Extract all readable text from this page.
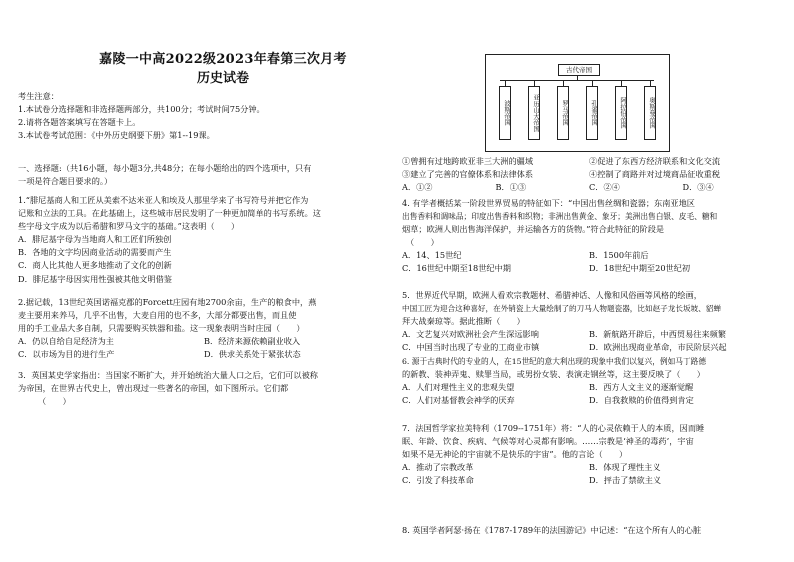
嘉陵一中高2022级2023年春第三次月考
历史试卷

考生注意：

1.本试卷分选择题和非选择题两部分，共100分；考试时间75分钟。

2.请将各题答案填写在答题卡上。

3.本试卷考试范围：《中外历史纲要下册》第1--19课。

一、选择题:（共16小题，每小题3分,共48分；在每小题给出的四个选项中，只有

一项是符合题目要求的。）

1.“腓尼基商人和工匠从美索不达米亚人和埃及人那里学来了书写符号并把它作为

记账和立法的工具。在此基础上，这些城市居民发明了一种更加简单的书写系统。这

些字母文字成为以后希腊和罗马文字的基础。”这表明（　　）

A．腓尼基字母为当地商人和工匠们所独创

B．各地的文字均因商业活动的需要而产生

C．商人比其他人更多地推动了文化的创新

D．腓尼基字母因实用性强被其他文明借鉴

2.据记载，13世纪英国诺福克郡的Forcett庄园有地2700余亩，生产的粮食中，燕

麦主要用来养马，几乎不出售，大麦自用的也不多，大部分都要出售，而且使

用的手工业品大多自制，只需要购买铁器和盐。这一现象表明当时庄园（　　）

A．仍以自给自足经济为主	B．经济来源依赖副业收入
C．以市场为目的进行生产	D．供求关系处于紧张状态

3．英国某史学家指出：当国家不断扩大，并开始统治大量人口之后，它们可以被称

为帝国，在世界古代史上，曾出现过一些著名的帝国，如下图所示。它们都

（　　）

古代帝国
波斯帝国	亚历山大帝国	罗马帝国	孔雀帝国	阿拉伯帝国	奥斯曼帝国
①曾拥有过地跨欧亚非三大洲的疆域	②促进了东西方经济联系和文化交流
③建立了完善的官僚体系和法律体系	④控制了商路并对过境商品征收重税
A．①②	B．①③	C．②④	D．③④

4. 有学者概括某一阶段世界贸易的特征如下：“中国出售丝绸和瓷器；东南亚地区

出售香料和调味品；印度出售香料和织物；非洲出售黄金、象牙；美洲出售白银、皮毛、糖和

烟草；欧洲人则出售海洋保护，并运输各方的货物。”符合此特征的阶段是

（　　）

A．14、15世纪	B．1500年前后
C．16世纪中期至18世纪中期	D．18世纪中期至20世纪初

5．世界近代早期，欧洲人看欢宗教题材、希腊神话、人像和风俗画等风格的绘画，

中国工匠为迎合这种喜好，在外销瓷上大量绘制了的刀马人物题瓷器，比如赵子龙长坂坡、貂蝉

拜大战秦琼等。据此推断（　　）

A．文艺复兴对欧洲社会产生深远影响	B．新航路开辟后，中西贸易往来频繁
C．中国当时出现了专业的工商业市镇	D．欧洲出现商业革命，市民阶层兴起

6. 源于古典时代的专业的人，在15世纪的意大利出现的现象中我们以复兴，例如马丁路德

的新教、装神弄鬼、赎罪当局，或男扮女装、表演走钢丝等，这主要反映了（　　）

A．人们对理性主义的悲观失望	B．西方人文主义的逐渐觉醒
C．人们对基督教会神学的厌弃	D．自我救赎的价值得到肯定

7．法国哲学家拉美特利（1709--1751年）将：“人的心灵依赖于人的本质，因而睡

眠、年龄、饮食、疾病、气候等对心灵都有影响。……宗教是‘神圣的毒药’，宇宙

如果不是无神论的宇宙就不是快乐的宇宙”。他的言论（　　）

A．推动了宗教改革	B．体现了理性主义
C．引发了科技革命	D．抨击了禁欲主义

8. 英国学者阿瑟·扬在《1787-1789年的法国游记》中记述：“在这个所有人的心脏
